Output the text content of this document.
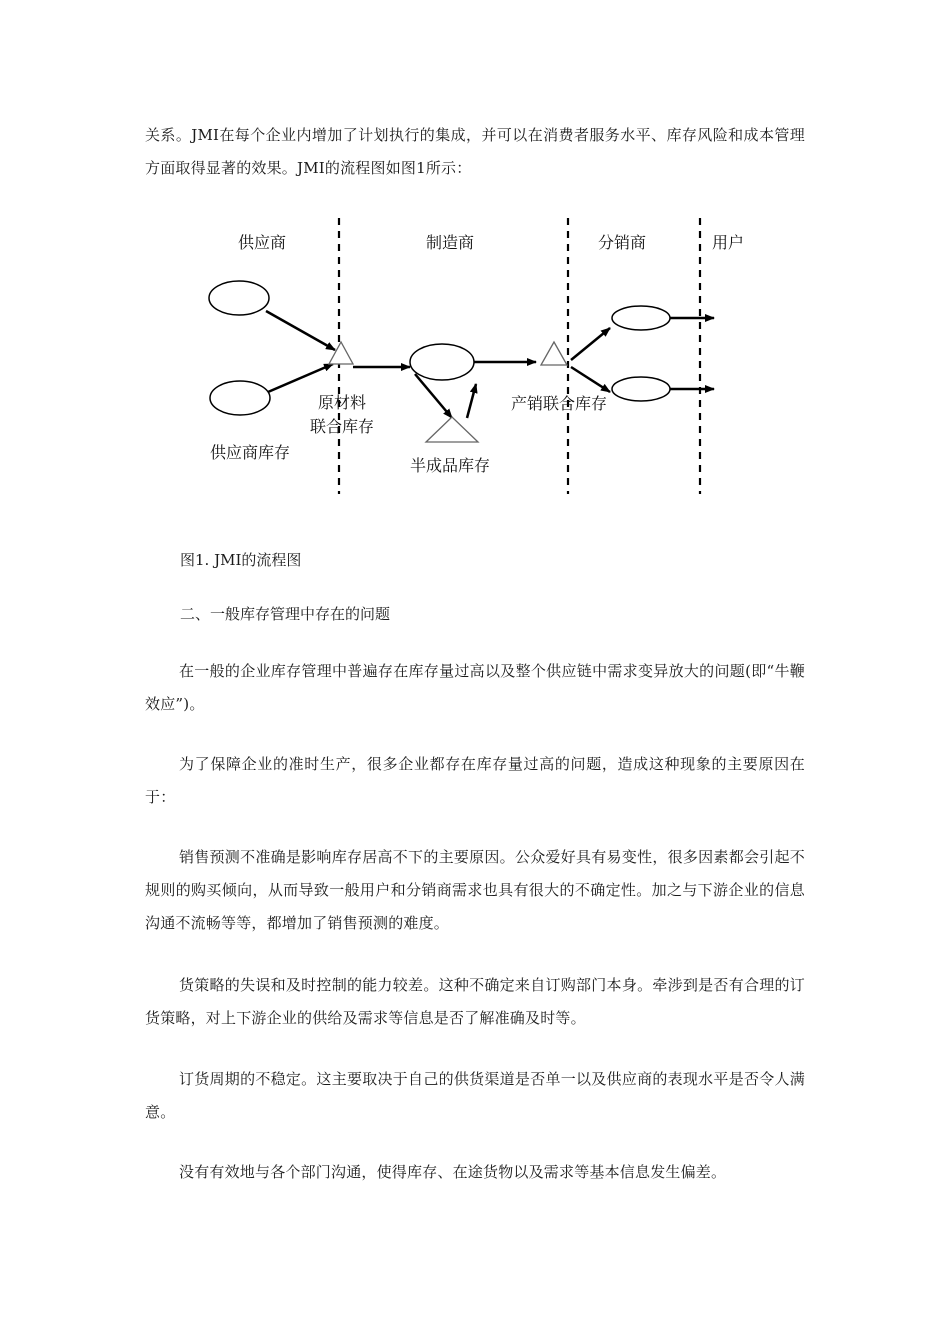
关系。JMI在每个企业内增加了计划执行的集成，并可以在消费者服务水平、库存风险和成本管理方面取得显著的效果。JMI的流程图如图1所示：

供应商	制造商	分销商	用户
原材料
联合库存
供应商库存
半成品库存
产销联合库存

图1. JMI的流程图

二、一般库存管理中存在的问题

在一般的企业库存管理中普遍存在库存量过高以及整个供应链中需求变异放大的问题(即“牛鞭效应”)。

为了保障企业的准时生产，很多企业都存在库存量过高的问题，造成这种现象的主要原因在于：

销售预测不准确是影响库存居高不下的主要原因。公众爱好具有易变性，很多因素都会引起不规则的购买倾向，从而导致一般用户和分销商需求也具有很大的不确定性。加之与下游企业的信息沟通不流畅等等，都增加了销售预测的难度。

货策略的失误和及时控制的能力较差。这种不确定来自订购部门本身。牵涉到是否有合理的订货策略，对上下游企业的供给及需求等信息是否了解准确及时等。

订货周期的不稳定。这主要取决于自己的供货渠道是否单一以及供应商的表现水平是否令人满意。

没有有效地与各个部门沟通，使得库存、在途货物以及需求等基本信息发生偏差。
